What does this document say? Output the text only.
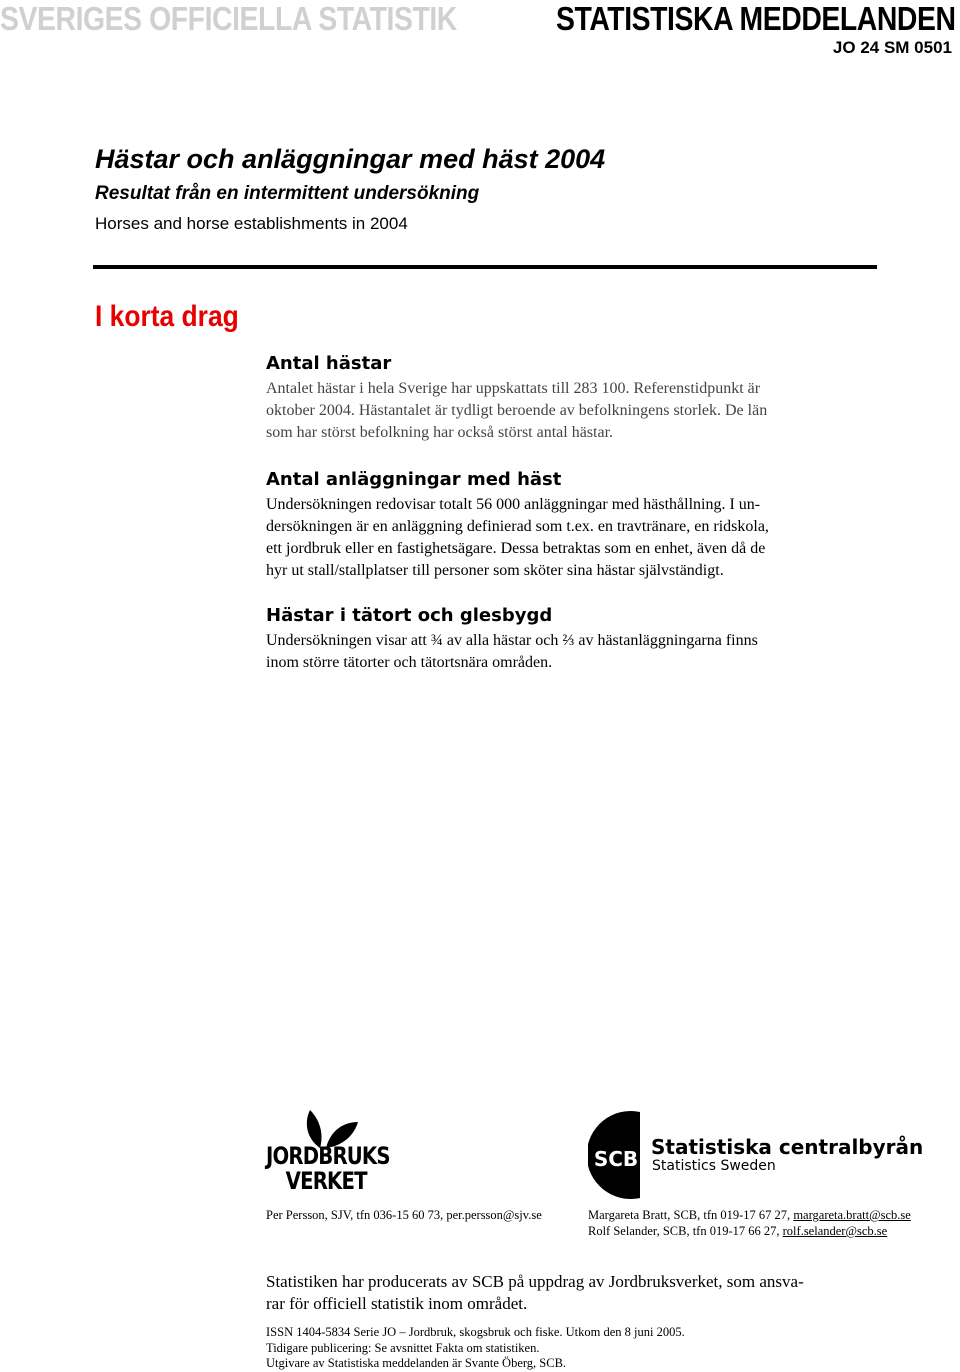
SVERIGES OFFICIELLA STATISTIK	STATISTISKA MEDDELANDEN
JO 24 SM 0501
Hästar och anläggningar med häst 2004
Resultat från en intermittent undersökning
Horses and horse establishments in 2004
I korta drag
Antal hästar
Antalet hästar i hela Sverige har uppskattats till 283 100. Referenstidpunkt är
oktober 2004. Hästantalet är tydligt beroende av befolkningens storlek. De län
som har störst befolkning har också störst antal hästar.
Antal anläggningar med häst
Undersökningen redovisar totalt 56 000 anläggningar med hästhållning. I un-
dersökningen är en anläggning definierad som t.ex. en travtränare, en ridskola,
ett jordbruk eller en fastighetsägare. Dessa betraktas som en enhet, även då de
hyr ut stall/stallplatser till personer som sköter sina hästar självständigt.
Hästar i tätort och glesbygd
Undersökningen visar att ¾ av alla hästar och ⅔ av hästanläggningarna finns
inom större tätorter och tätortsnära områden.
JORDBRUKS
VERKET
SCB Statistiska centralbyrån
Statistics Sweden
Per Persson, SJV, tfn 036-15 60 73, per.persson@sjv.se	Margareta Bratt, SCB, tfn 019-17 67 27, margareta.bratt@scb.se
Rolf Selander, SCB, tfn 019-17 66 27, rolf.selander@scb.se
Statistiken har producerats av SCB på uppdrag av Jordbruksverket, som ansva-
rar för officiell statistik inom området.
ISSN 1404-5834 Serie JO – Jordbruk, skogsbruk och fiske. Utkom den 8 juni 2005.
Tidigare publicering: Se avsnittet Fakta om statistiken.
Utgivare av Statistiska meddelanden är Svante Öberg, SCB.
